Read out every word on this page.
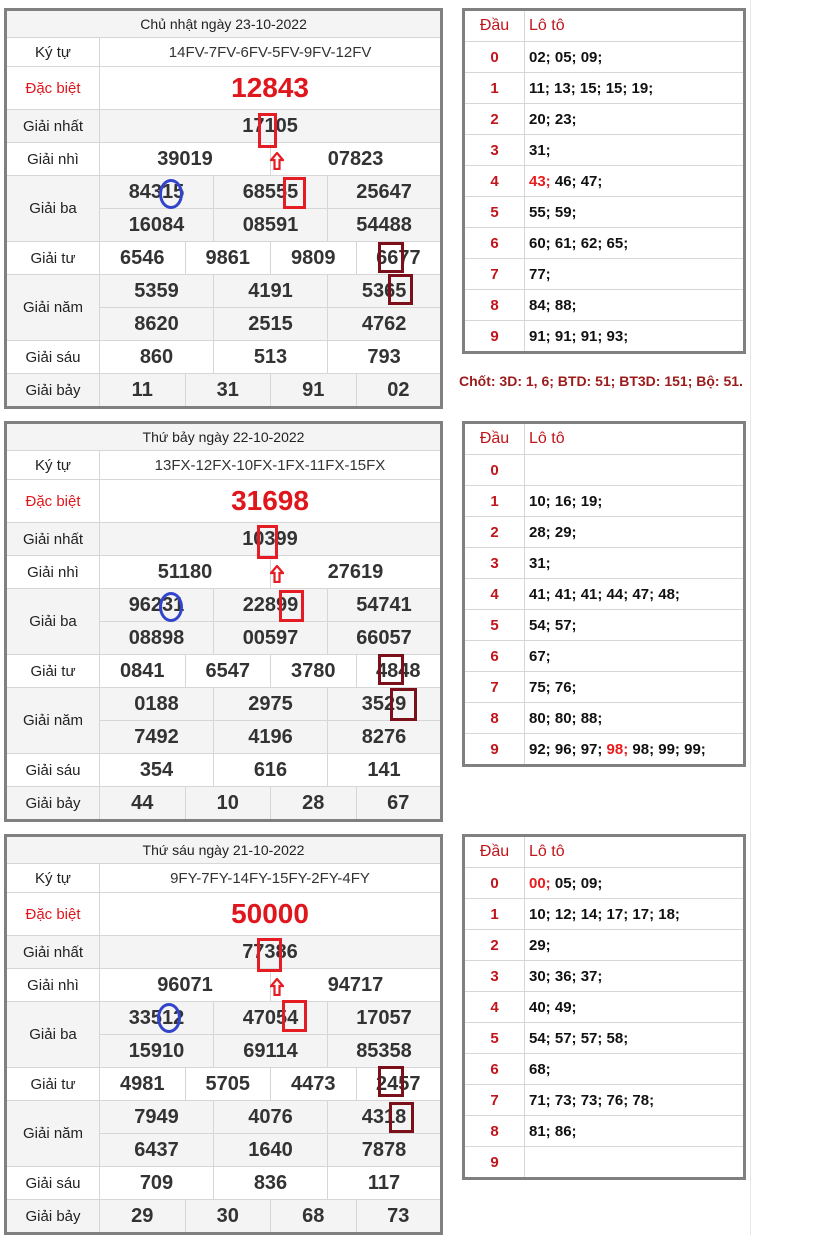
Chủ nhật ngày 23-10-2022						
Ký tự	14FV-7FV-6FV-5FV-9FV-12FV					
Đặc biệt	12843					
Giải nhất	17105					
Giải nhì	39019			07823		
Giải ba	84315		68555		25647	
	16084		08591		54488	
Giải tư	6546	9861		9809		6677
Giải năm	5359		4191		5365	
	8620		2515		4762	
Giải sáu	860		513		793	
Giải bảy	11	31		91		02
Đầu	Lô tô
0	02; 05; 09;
1	11; 13; 15; 15; 19;
2	20; 23;
3	31;
4	43; 46; 47;
5	55; 59;
6	60; 61; 62; 65;
7	77;
8	84; 88;
9	91; 91; 91; 93;
Thứ bảy ngày 22-10-2022						
Ký tự	13FX-12FX-10FX-1FX-11FX-15FX					
Đặc biệt	31698					
Giải nhất	10399					
Giải nhì	51180			27619		
Giải ba	96231		22899		54741	
	08898		00597		66057	
Giải tư	0841	6547		3780		4848
Giải năm	0188		2975		3529	
	7492		4196		8276	
Giải sáu	354		616		141	
Giải bảy	44	10		28		67
Đầu	Lô tô
0	
1	10; 16; 19;
2	28; 29;
3	31;
4	41; 41; 41; 44; 47; 48;
5	54; 57;
6	67;
7	75; 76;
8	80; 80; 88;
9	92; 96; 97; 98; 98; 99; 99;
Thứ sáu ngày 21-10-2022						
Ký tự	9FY-7FY-14FY-15FY-2FY-4FY					
Đặc biệt	50000					
Giải nhất	77386					
Giải nhì	96071			94717		
Giải ba	33512		47054		17057	
	15910		69114		85358	
Giải tư	4981	5705		4473		2457
Giải năm	7949		4076		4318	
	6437		1640		7878	
Giải sáu	709		836		117	
Giải bảy	29	30		68		73
Đầu	Lô tô
0	00; 05; 09;
1	10; 12; 14; 17; 17; 18;
2	29;
3	30; 36; 37;
4	40; 49;
5	54; 57; 57; 58;
6	68;
7	71; 73; 73; 76; 78;
8	81; 86;
9	
Chốt: 3D: 1, 6; BTD: 51; BT3D: 151; Bộ: 51.
